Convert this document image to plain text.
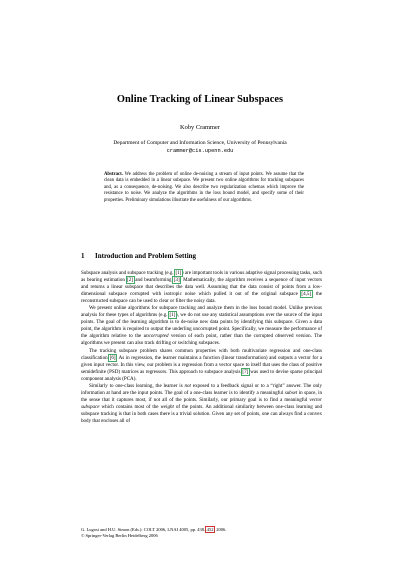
Online Tracking of Linear Subspaces
Koby Crammer
Department of Computer and Information Science, University of Pennsylvania
crammer@cis.upenn.edu
Abstract. We address the problem of online de-noising a stream of input points. We assume that the clean data is embedded in a linear subspace. We present two online algorithms for tracking subspaces and, as a consequence, de-noising. We also describe two regularization schemas which improve the resistance to noise. We analyze the algorithms in the loss bound model, and specify some of their properties. Preliminary simulations illustrate the usefulness of our algorithms.
1 Introduction and Problem Setting

Subspace analysis and subspace tracking (e.g. [1]) are important tools in various adaptive signal processing tasks, such as bearing estimation [2] and beamforming [3]. Mathematically, the algorithm receives a sequence of input vectors and returns a linear subspace that describes the data well. Assuming that the data consist of points from a low-dimensional subspace corrupted with isotropic noise which pulled it out of the original subspace [4,5], the reconstructed subspace can be used to clear or filter the noisy data.

We present online algorithms for subspace tracking and analyze them in the loss bound model. Unlike previous analysis for these types of algorithms (e.g. [1]), we do not use any statistical assumptions over the source of the input points. The goal of the learning algorithm is to de-noise new data points by identifying this subspace. Given a data point, the algorithm is required to output the underling uncorrupted point. Specifically, we measure the performance of the algorithm relative to the uncorrupted version of each point, rather than the corrupted observed version. The algorithms we present can also track drifting or switching subspaces.

The tracking subspace problem shares common properties with both multivariate regression and one-class classification [6]. As in regression, the learner maintains a function (linear transformation) and outputs a vector for a given input vector. In this view, our problem is a regression from a vector space to itself that uses the class of positive semidefinite (PSD) matrices as regressors. This approach to subspace analysis [7] was used to devise sparse principal component analysis (PCA).

Similarly to one-class learning, the learner is not exposed to a feedback signal or to a “right” answer. The only information at hand are the input points. The goal of a one-class learner is to identify a meaningful subset in space, in the sense that it captures most, if not all of the points. Similarly, our primary goal is to find a meaningful vector subspace which contains most of the weight of the points. An additional similarity between one-class learning and subspace tracking is that in both cases there is a trivial solution. Given any set of points, one can always find a convex body that encloses all of

G. Lugosi and H.U. Simon (Eds.): COLT 2006, LNAI 4005, pp. 438–452, 2006.
© Springer-Verlag Berlin Heidelberg 2006
